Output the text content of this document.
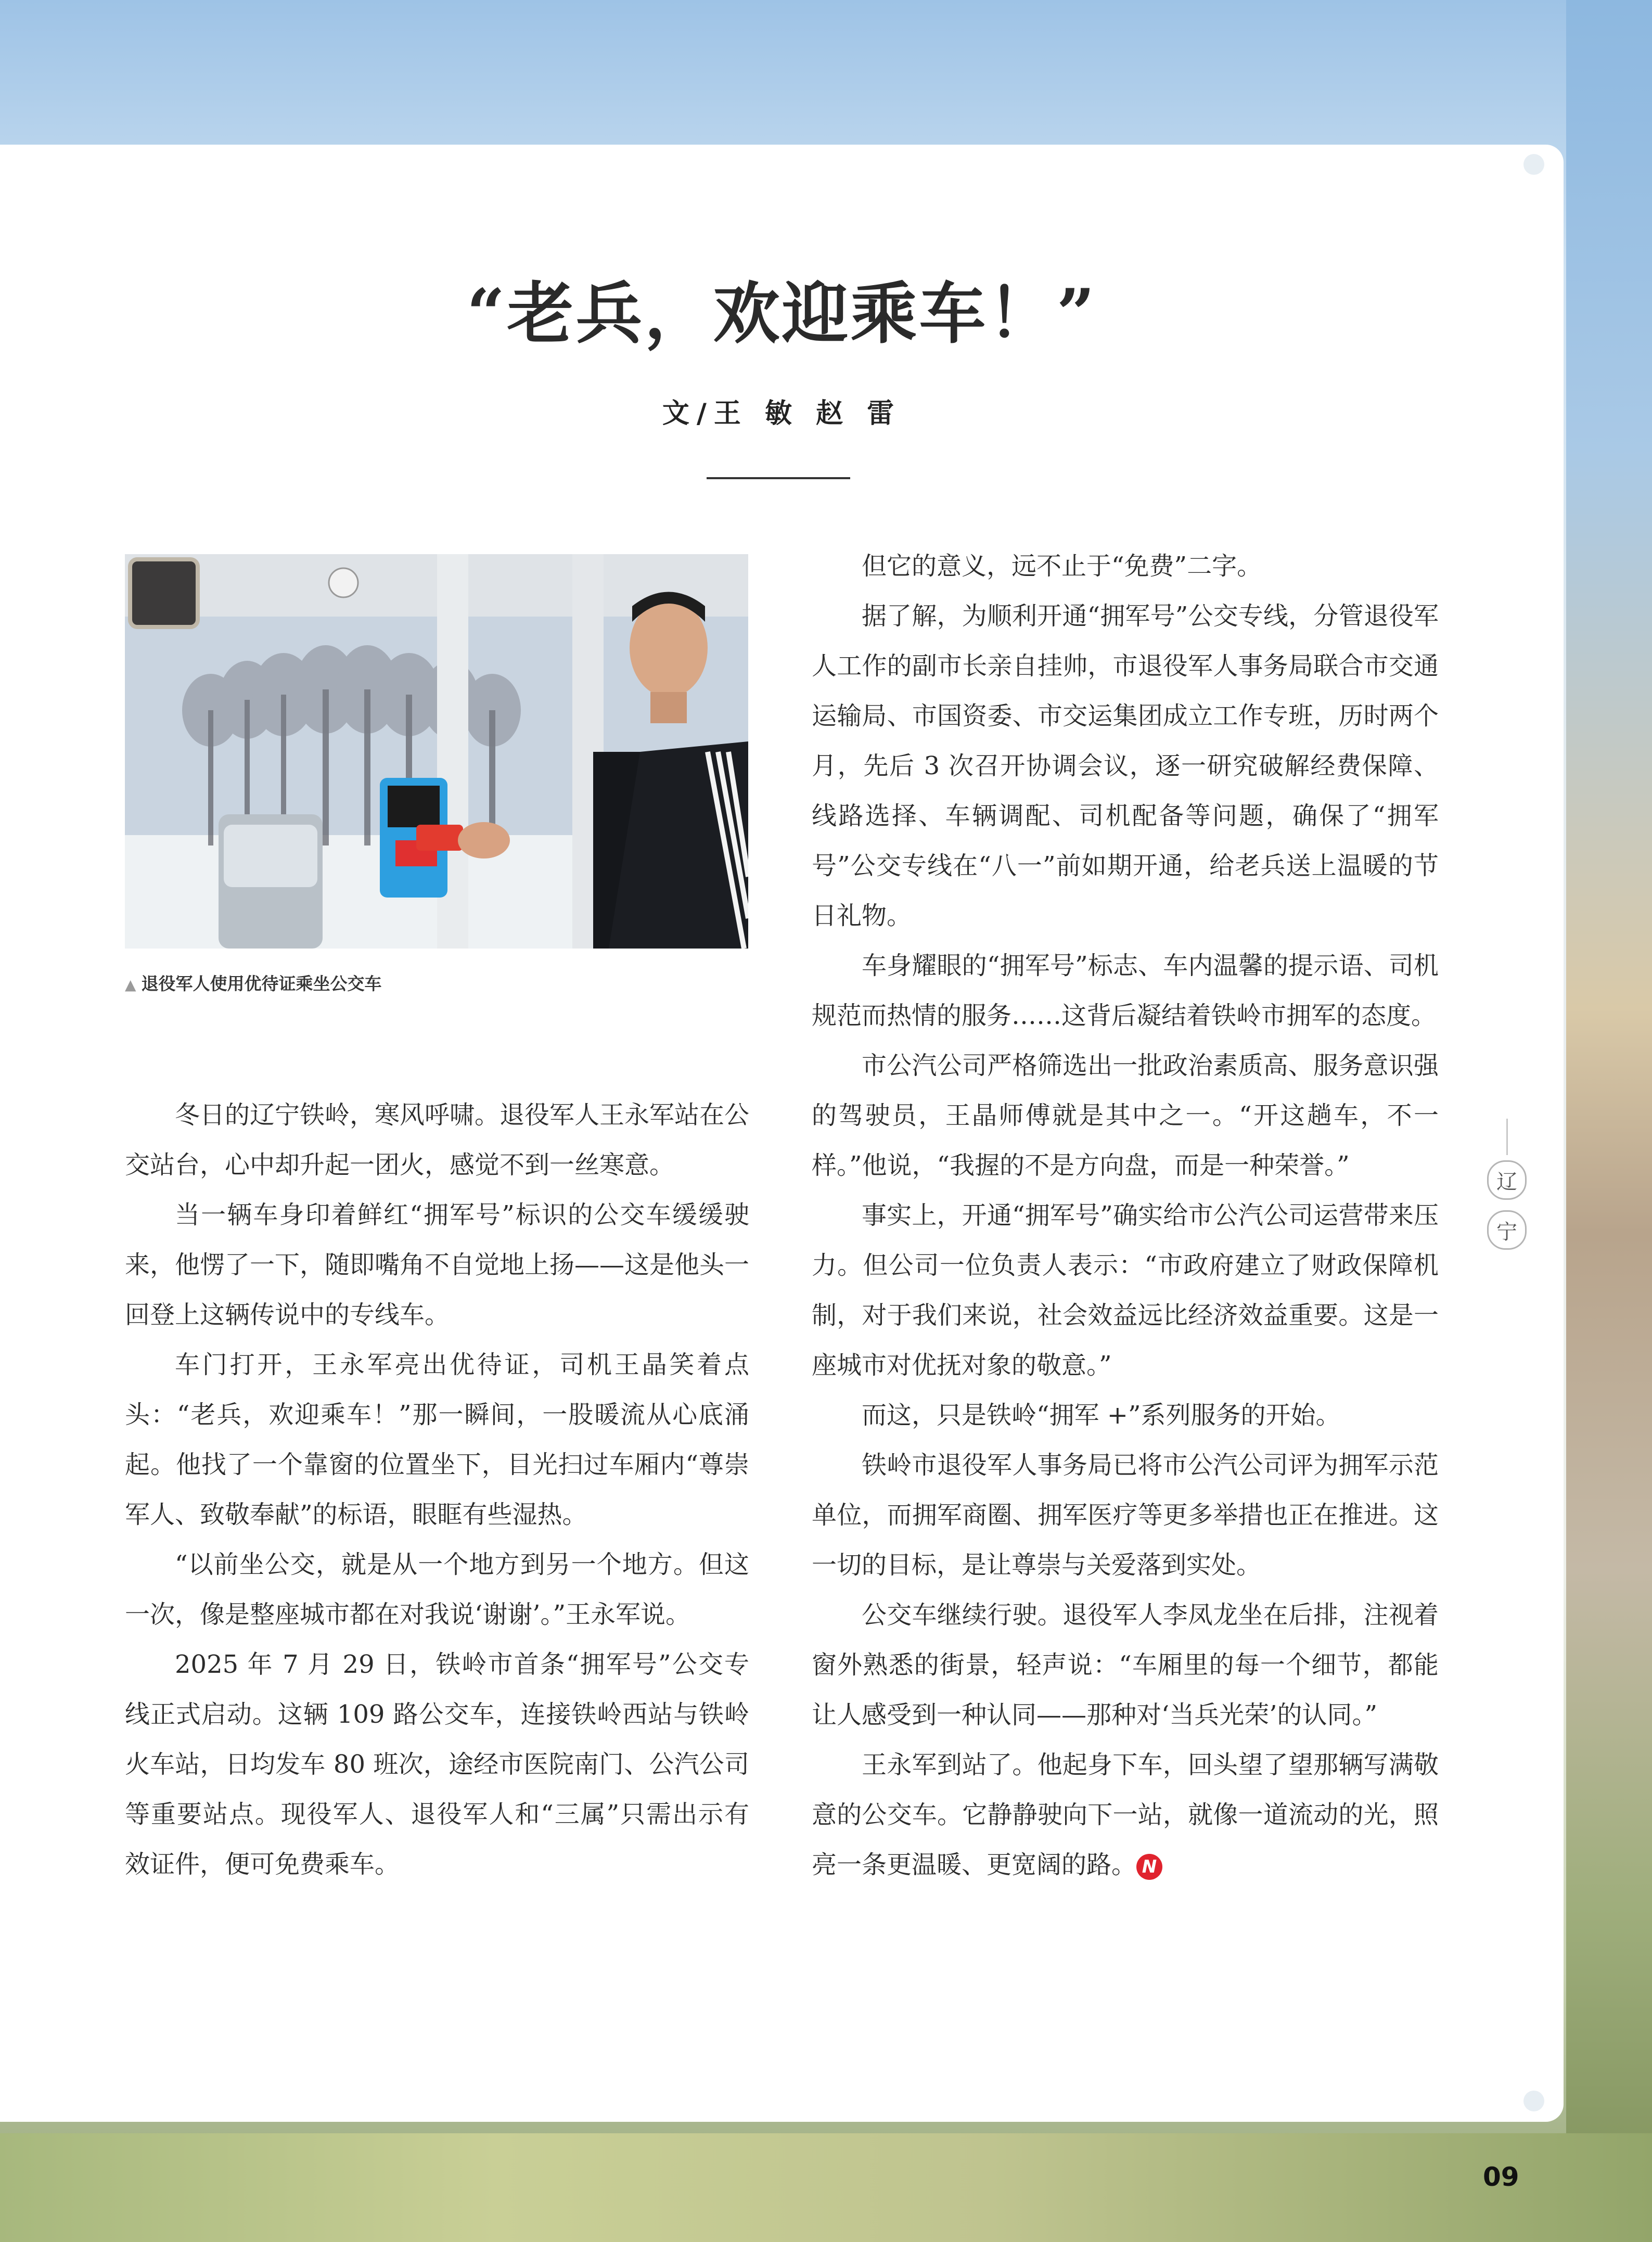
“老兵，欢迎乘车！”
文/王 敏 赵 雷
▲ 退役军人使用优待证乘坐公交车

冬日的辽宁铁岭，寒风呼啸。退役军人王永军站在公交站台，心中却升起一团火，感觉不到一丝寒意。

当一辆车身印着鲜红“拥军号”标识的公交车缓缓驶来，他愣了一下，随即嘴角不自觉地上扬——这是他头一回登上这辆传说中的专线车。

车门打开，王永军亮出优待证，司机王晶笑着点头：“老兵，欢迎乘车！”那一瞬间，一股暖流从心底涌起。他找了一个靠窗的位置坐下，目光扫过车厢内“尊崇军人、致敬奉献”的标语，眼眶有些湿热。

“以前坐公交，就是从一个地方到另一个地方。但这一次，像是整座城市都在对我说‘谢谢’。”王永军说。

2025 年 7 月 29 日，铁岭市首条“拥军号”公交专线正式启动。这辆 109 路公交车，连接铁岭西站与铁岭火车站，日均发车 80 班次，途经市医院南门、公汽公司等重要站点。现役军人、退役军人和“三属”只需出示有效证件，便可免费乘车。

但它的意义，远不止于“免费”二字。

据了解，为顺利开通“拥军号”公交专线，分管退役军人工作的副市长亲自挂帅，市退役军人事务局联合市交通运输局、市国资委、市交运集团成立工作专班，历时两个月，先后 3 次召开协调会议，逐一研究破解经费保障、线路选择、车辆调配、司机配备等问题，确保了“拥军号”公交专线在“八一”前如期开通，给老兵送上温暖的节日礼物。

车身耀眼的“拥军号”标志、车内温馨的提示语、司机规范而热情的服务……这背后凝结着铁岭市拥军的态度。

市公汽公司严格筛选出一批政治素质高、服务意识强的驾驶员，王晶师傅就是其中之一。“开这趟车，不一样。”他说，“我握的不是方向盘，而是一种荣誉。”

事实上，开通“拥军号”确实给市公汽公司运营带来压力。但公司一位负责人表示：“市政府建立了财政保障机制，对于我们来说，社会效益远比经济效益重要。这是一座城市对优抚对象的敬意。”

而这，只是铁岭“拥军 +”系列服务的开始。

铁岭市退役军人事务局已将市公汽公司评为拥军示范单位，而拥军商圈、拥军医疗等更多举措也正在推进。这一切的目标，是让尊崇与关爱落到实处。

公交车继续行驶。退役军人李凤龙坐在后排，注视着窗外熟悉的街景，轻声说：“车厢里的每一个细节，都能让人感受到一种认同——那种对‘当兵光荣’的认同。”

王永军到站了。他起身下车，回头望了望那辆写满敬意的公交车。它静静驶向下一站，就像一道流动的光，照亮一条更温暖、更宽阔的路。 N

辽
宁
09
